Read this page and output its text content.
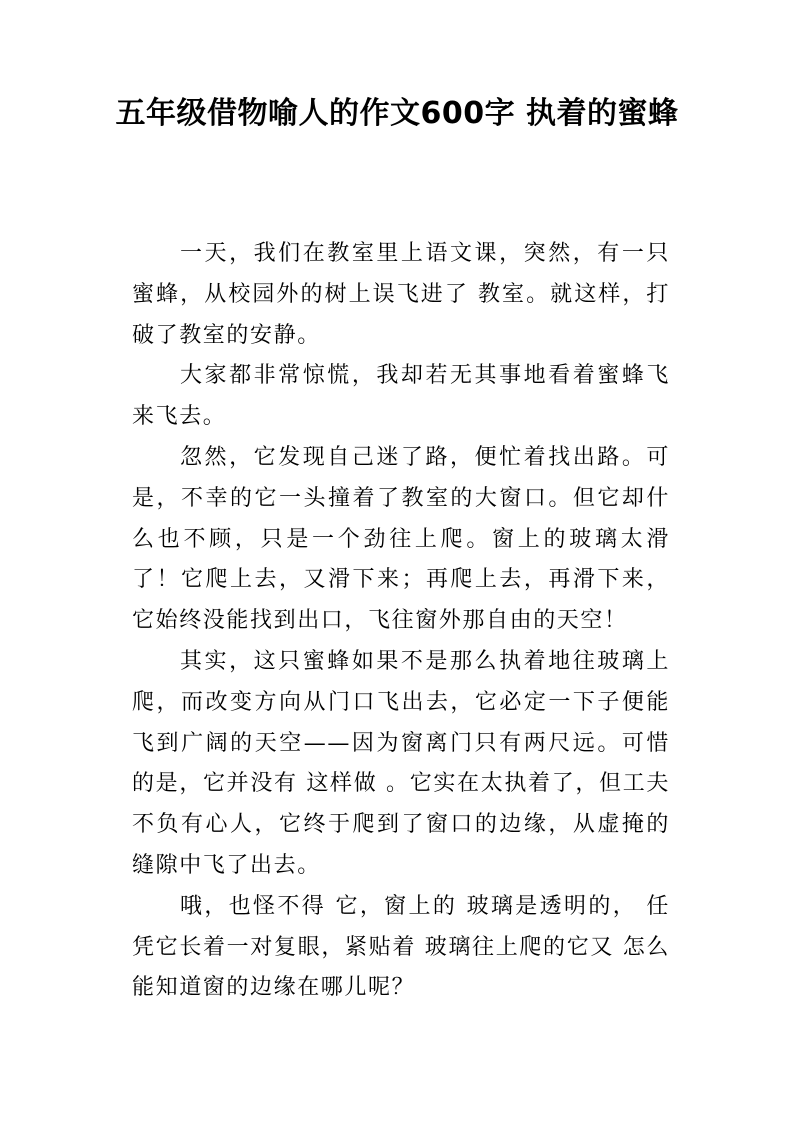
五年级借物喻人的作文600字 执着的蜜蜂

一天，我们在教室里上语文课，突然，有一只蜜蜂，从校园外的树上误飞进了 教室。就这样，打破了教室的安静。

大家都非常惊慌，我却若无其事地看着蜜蜂飞来飞去。

忽然，它发现自己迷了路，便忙着找出路。可是，不幸的它一头撞着了教室的大窗口。但它却什么也不顾，只是一个劲往上爬。窗上的玻璃太滑了！它爬上去，又滑下来；再爬上去，再滑下来，它始终没能找到出口，飞往窗外那自由的天空！

其实，这只蜜蜂如果不是那么执着地往玻璃上爬，而改变方向从门口飞出去，它必定一下子便能飞到广阔的天空——因为窗离门只有两尺远。可惜的是，它并没有 这样做 。它实在太执着了，但工夫不负有心人，它终于爬到了窗口的边缘，从虚掩的缝隙中飞了出去。

哦，也怪不得 它，窗上的 玻璃是透明的， 任凭它长着一对复眼，紧贴着 玻璃往上爬的它又 怎么能知道窗的边缘在哪儿呢？
